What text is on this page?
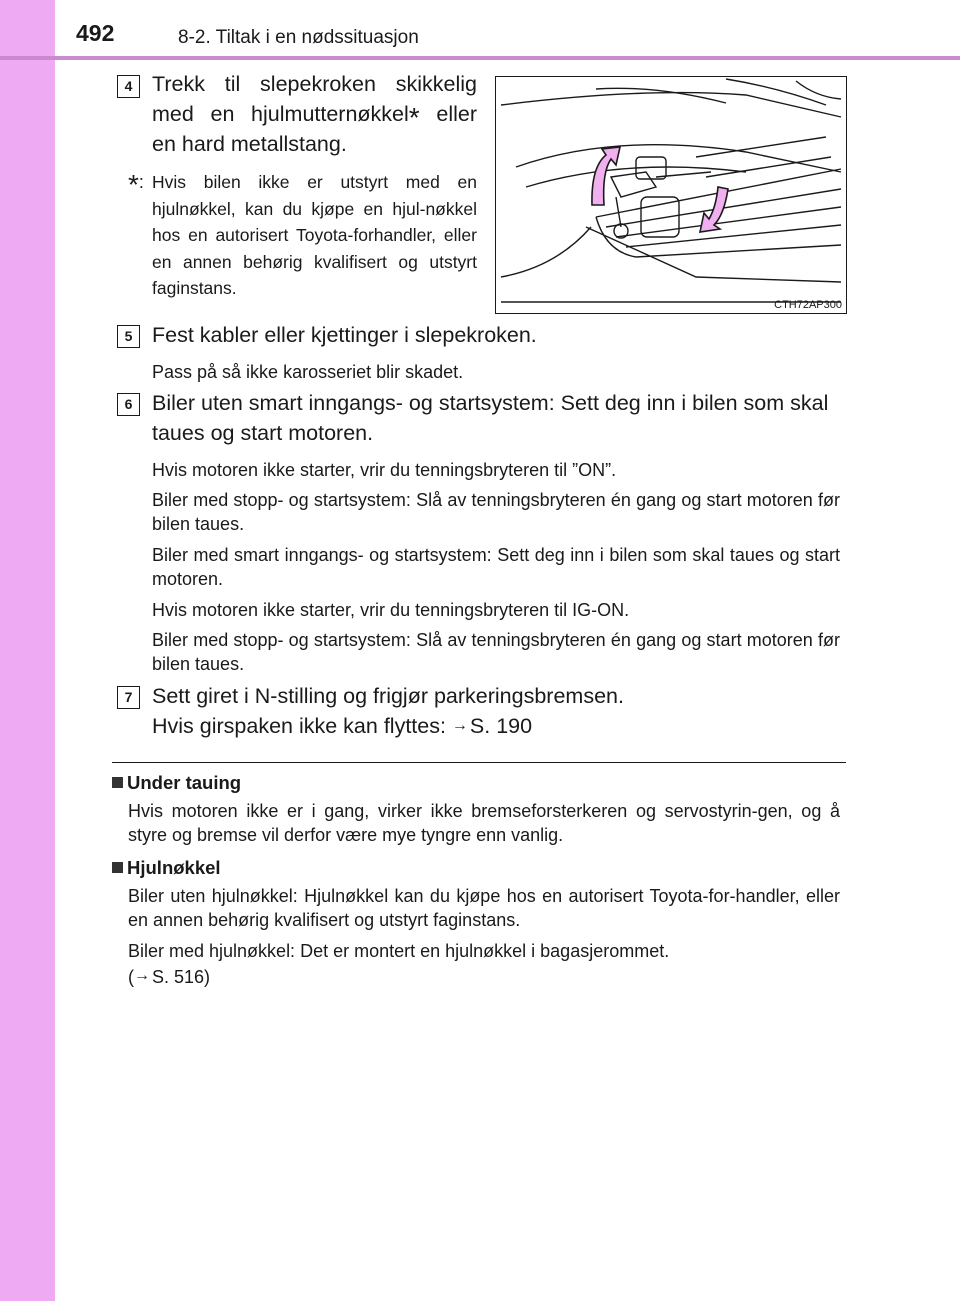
492	8-2. Tiltak i en nødssituasjon
4 Trekk til slepekroken skikkelig
med en hjulmutternøkkel* eller
en hard metallstang.
*: Hvis bilen ikke er utstyrt med en hjulnøkkel, kan du kjøpe en hjul-nøkkel hos en autorisert Toyota-forhandler, eller en annen behørig kvalifisert og utstyrt faginstans.
CTH72AP300
5 Fest kabler eller kjettinger i slepekroken.
Pass på så ikke karosseriet blir skadet.
6 Biler uten smart inngangs- og startsystem: Sett deg inn i bilen som skal taues og start motoren.
Hvis motoren ikke starter, vrir du tenningsbryteren til ”ON”.
Biler med stopp- og startsystem: Slå av tenningsbryteren én gang og start motoren før bilen taues.
Biler med smart inngangs- og startsystem: Sett deg inn i bilen som skal taues og start motoren.
Hvis motoren ikke starter, vrir du tenningsbryteren til IG-ON.
Biler med stopp- og startsystem: Slå av tenningsbryteren én gang og start motoren før bilen taues.
7 Sett giret i N-stilling og frigjør parkeringsbremsen.
Hvis girspaken ikke kan flyttes: →S. 190
Under tauing
Hvis motoren ikke er i gang, virker ikke bremseforsterkeren og servostyrin-gen, og å styre og bremse vil derfor være mye tyngre enn vanlig.
Hjulnøkkel
Biler uten hjulnøkkel: Hjulnøkkel kan du kjøpe hos en autorisert Toyota-for-handler, eller en annen behørig kvalifisert og utstyrt faginstans.
Biler med hjulnøkkel: Det er montert en hjulnøkkel i bagasjerommet.
(→ S. 516)
